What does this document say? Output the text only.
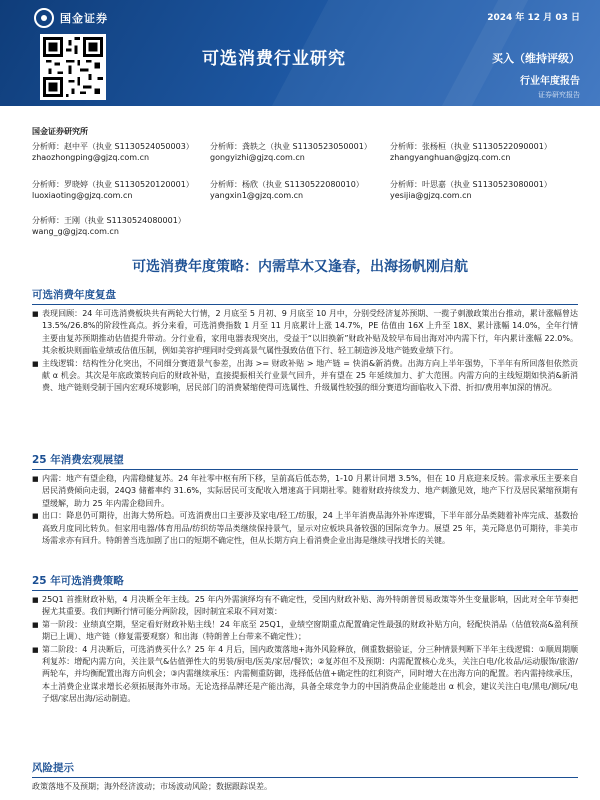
国金证券	2024 年 12 月 03 日
可选消费行业研究	买入（维持评级）
行业年度报告
证券研究报告
国金证券研究所
分析师：赵中平（执业 S1130524050003）
zhaozhongping@gjzq.com.cn
分析师：龚轶之（执业 S1130523050001）
gongyizhi@gjzq.com.cn
分析师：张杨桓（执业 S1130522090001）
zhangyanghuan@gjzq.com.cn
分析师：罗晓婷（执业 S1130520120001）
luoxiaoting@gjzq.com.cn
分析师：杨欣（执业 S1130522080010）
yangxin1@gjzq.com.cn
分析师：叶思嘉（执业 S1130523080001）
yesijia@gjzq.com.cn
分析师：王刚（执业 S1130524080001）
wang_g@gjzq.com.cn
可选消费年度策略：内需草木又逢春，出海扬帆刚启航
可选消费年度复盘

■ 表现回顾：24 年可选消费板块共有两轮大行情，2 月底至 5 月初、9 月底至 10 月中，分别受经济复苏预期、一揽子刺激政策出台推动，累计涨幅曾达 13.5%/26.8%的阶段性高点。拆分来看，可选消费指数 1 月至 11 月底累计上涨 14.7%，PE 估值由 16X 上升至 18X、累计涨幅 14.0%，全年行情主要由复苏预期推动估值提升带动。分行业看，家用电器表现突出，受益于“以旧换新”财政补贴及较早布局出海对冲内需下行，年内累计涨幅 22.0%。其余板块则面临业绩或估值压制，例如美容护理同时受到高景气属性强致估值下行、轻工制造涉及地产链致业绩下行。

■ 主线逻辑：结构性分化突出，不同细分赛道景气参差，出海 >= 财政补贴 > 地产链 = 快消&新消费。出海方向上半年强势，下半年有所回落但依然贡献 α 机会。其次是年底政策转向后的财政补贴，直接提振相关行业景气回升，并有望在 25 年延续加力、扩大范围。内需方向的主线短期如快消&新消费、地产链则受制于国内宏观环境影响，居民部门的消费紧缩使得可选属性、升级属性较强的细分赛道均面临收入下滑、折扣/费用率加深的情况。

25 年消费宏观展望

■ 内需：地产有望企稳，内需稳健复苏。24 年社零中枢有所下移，呈前高后低态势，1-10 月累计同增 3.5%，但在 10 月底迎来反转。需求承压主要来自居民消费倾向走弱，24Q3 储蓄率约 31.6%，实际居民可支配收入增速高于同期社零。随着财政持续发力、地产刺激见效，地产下行及居民紧缩预期有望缓解，助力 25 年内需企稳回升。

■ 出口：降息仍可期待，出海大势所趋。可选消费出口主要涉及家电/轻工/纺服，24 上半年消费品海外补库逻辑，下半年部分品类随着补库完成、基数抬高致月度同比转负。但家用电器/体育用品/纺织纺等品类继续保持景气，显示对应板块具备较强的国际竞争力。展望 25 年，美元降息仍可期待，非美市场需求亦有回升。特朗普当选加剧了出口的短期不确定性，但从长期方向上看消费企业出海是继续寻找增长的关键。

25 年可选消费策略

■ 25Q1 首推财政补贴，4 月决断全年主线。25 年内外需演绎均有不确定性，受国内财政补贴、海外特朗普贸易政策等外生变量影响，因此对全年节奏把握尤其重要。我们判断行情可能分两阶段，因时制宜采取不同对策：

■ 第一阶段：业绩真空期，坚定看好财政补贴主线！24 年底至 25Q1，业绩空窗期重点配置确定性最强的财政补贴方向，轻配快消品（估值较高&盈利预期已上调）、地产链（修复需要观察）和出海（特朗普上台带来不确定性）；

■ 第二阶段：4 月决断后，可选消费买什么？25 年 4 月后，国内政策落地+海外风险释放，侧重数据验证，分三种情景判断下半年主线逻辑：①顺周期顺利复苏：增配内需方向，关注景气&估值弹性大的男装/厨电/医美/家居/餐饮；②复苏但不及预期：内需配置核心龙头，关注白电/化妆品/运动服饰/旅游/两轮车，并均衡配置出海方向机会；③内需继续承压：内需侧重防御，选择低估值+确定性的红利资产，同时增大在出海方向的配置。若内需持续承压，本土消费企业谋求增长必须拓展海外市场。无论选择品牌还是产能出海，具备全球竞争力的中国消费品企业能趁出 α 机会，建议关注白电/黑电/测玩/电子烟/家居出海/运动制造。

风险提示

政策落地不及预期；海外经济波动；市场波动风险；数据跟踪误差。
